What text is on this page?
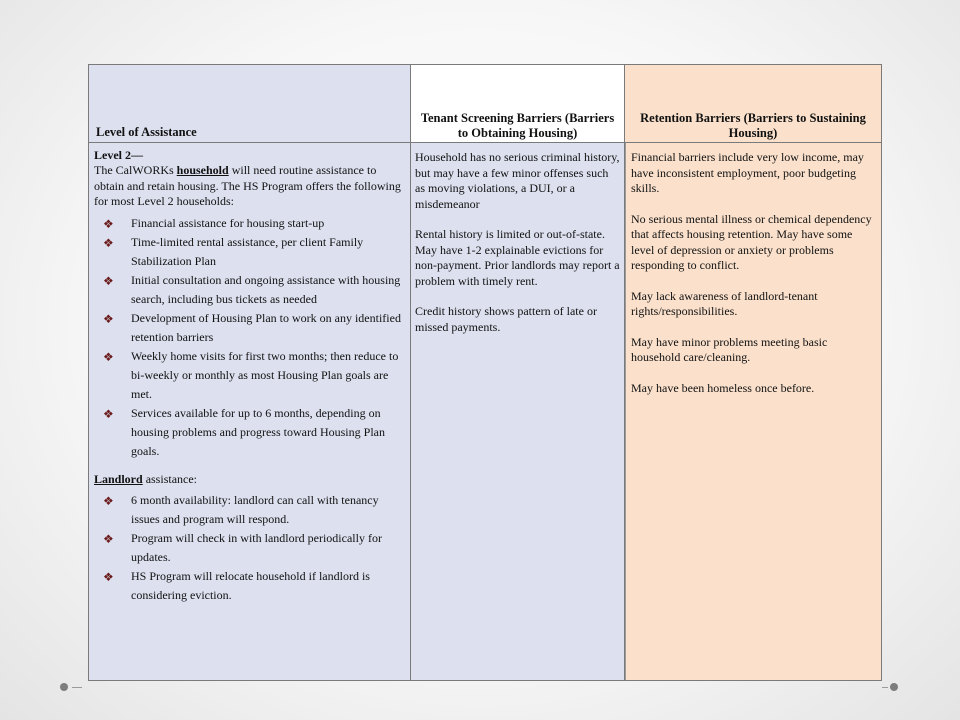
Level of Assistance
Tenant Screening Barriers (Barriers to Obtaining Housing)
Retention Barriers (Barriers to Sustaining Housing)
Level 2—

The CalWORKs household will need routine assistance to obtain and retain housing. The HS Program offers the following for most Level 2 households:

❖ Financial assistance for housing start-up
❖ Time-limited rental assistance, per client Family Stabilization Plan
❖ Initial consultation and ongoing assistance with housing search, including bus tickets as needed
❖ Development of Housing Plan to work on any identified retention barriers
❖ Weekly home visits for first two months; then reduce to bi-weekly or monthly as most Housing Plan goals are met.
❖ Services available for up to 6 months, depending on housing problems and progress toward Housing Plan goals.

Landlord assistance:

❖ 6 month availability: landlord can call with tenancy issues and program will respond.
❖ Program will check in with landlord periodically for updates.
❖ HS Program will relocate household if landlord is considering eviction.

Household has no serious criminal history, but may have a few minor offenses such as moving violations, a DUI, or a misdemeanor

Rental history is limited or out-of-state. May have 1-2 explainable evictions for non-payment. Prior landlords may report a problem with timely rent.

Credit history shows pattern of late or missed payments.

Financial barriers include very low income, may have inconsistent employment, poor budgeting skills.

No serious mental illness or chemical dependency that affects housing retention. May have some level of depression or anxiety or problems responding to conflict.

May lack awareness of landlord-tenant rights/responsibilities.

May have minor problems meeting basic household care/cleaning.

May have been homeless once before.
